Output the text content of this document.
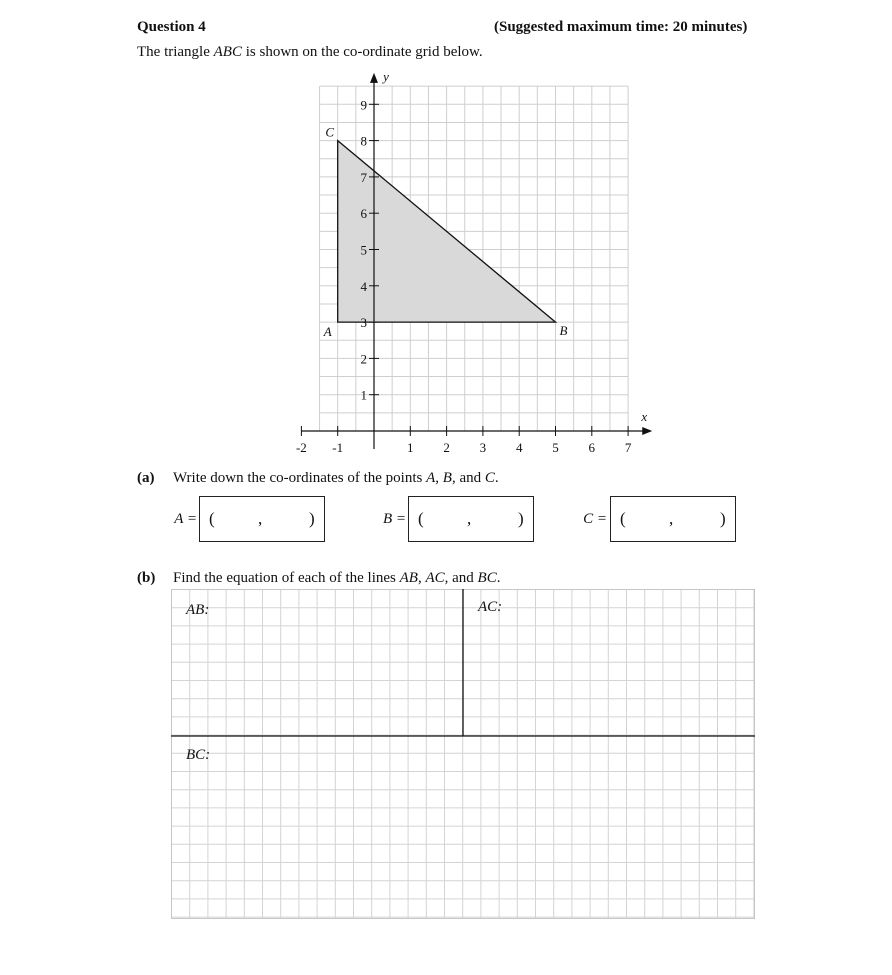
Question 4	(Suggested maximum time: 20 minutes)
The triangle ABC is shown on the co-ordinate grid below.
-2 -1	1 2 3 4 5 6 7
1
2
3
4
5
6
7
8
9
x
y
A	B
C
(a) Write down the co-ordinates of the points A, B, and C.
A = (	,	)	B = (	,	)	C = (	,	)
(b) Find the equation of each of the lines AB, AC, and BC.
AB:	AC:
BC:
